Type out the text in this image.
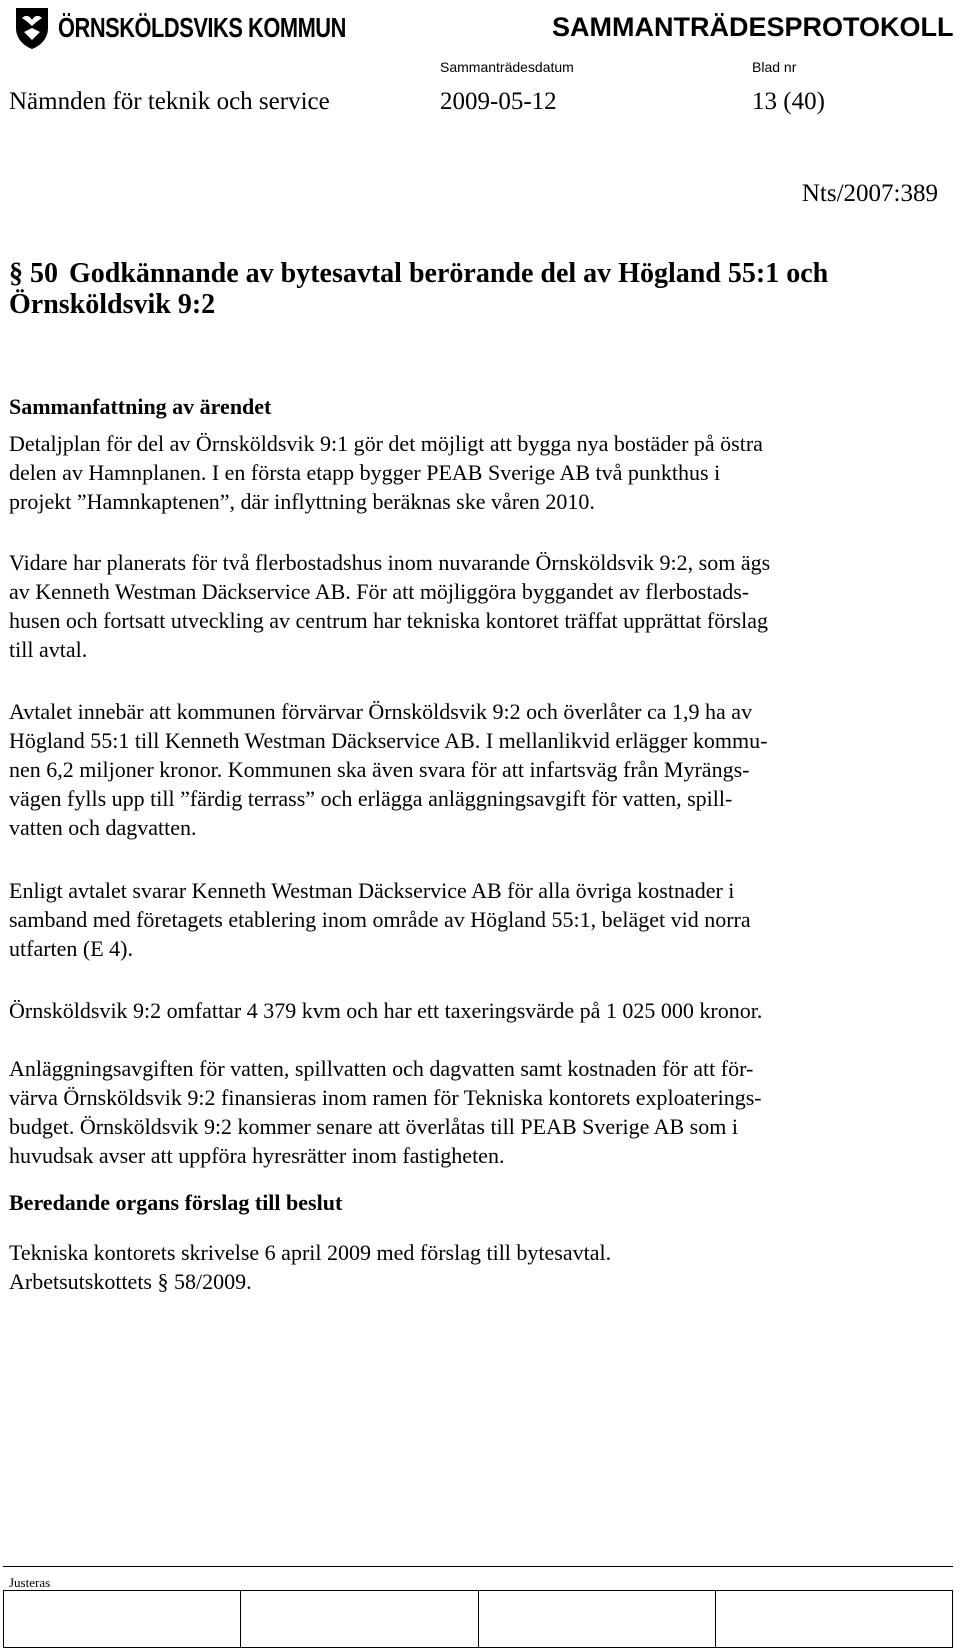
ÖRNSKÖLDSVIKS KOMMUN	SAMMANTRÄDESPROTOKOLL
Sammanträdesdatum	Blad nr
Nämnden för teknik och service	2009-05-12	13 (40)
Nts/2007:389
§ 50 Godkännande av bytesavtal berörande del av Högland 55:1 och Örnsköldsvik 9:2
Sammanfattning av ärendet
Detaljplan för del av Örnsköldsvik 9:1 gör det möjligt att bygga nya bostäder på östra
delen av Hamnplanen. I en första etapp bygger PEAB Sverige AB två punkthus i
projekt ”Hamnkaptenen”, där inflyttning beräknas ske våren 2010.
Vidare har planerats för två flerbostadshus inom nuvarande Örnsköldsvik 9:2, som ägs
av Kenneth Westman Däckservice AB. För att möjliggöra byggandet av flerbostads-
husen och fortsatt utveckling av centrum har tekniska kontoret träffat upprättat förslag
till avtal.
Avtalet innebär att kommunen förvärvar Örnsköldsvik 9:2 och överlåter ca 1,9 ha av
Högland 55:1 till Kenneth Westman Däckservice AB. I mellanlikvid erlägger kommu-
nen 6,2 miljoner kronor. Kommunen ska även svara för att infartsväg från Myrängs-
vägen fylls upp till ”färdig terrass” och erlägga anläggningsavgift för vatten, spill-
vatten och dagvatten.
Enligt avtalet svarar Kenneth Westman Däckservice AB för alla övriga kostnader i
samband med företagets etablering inom område av Högland 55:1, beläget vid norra
utfarten (E 4).
Örnsköldsvik 9:2 omfattar 4 379 kvm och har ett taxeringsvärde på 1 025 000 kronor.
Anläggningsavgiften för vatten, spillvatten och dagvatten samt kostnaden för att för-
värva Örnsköldsvik 9:2 finansieras inom ramen för Tekniska kontorets exploaterings-
budget. Örnsköldsvik 9:2 kommer senare att överlåtas till PEAB Sverige AB som i
huvudsak avser att uppföra hyresrätter inom fastigheten.
Beredande organs förslag till beslut
Tekniska kontorets skrivelse 6 april 2009 med förslag till bytesavtal.
Arbetsutskottets § 58/2009.
Justeras
